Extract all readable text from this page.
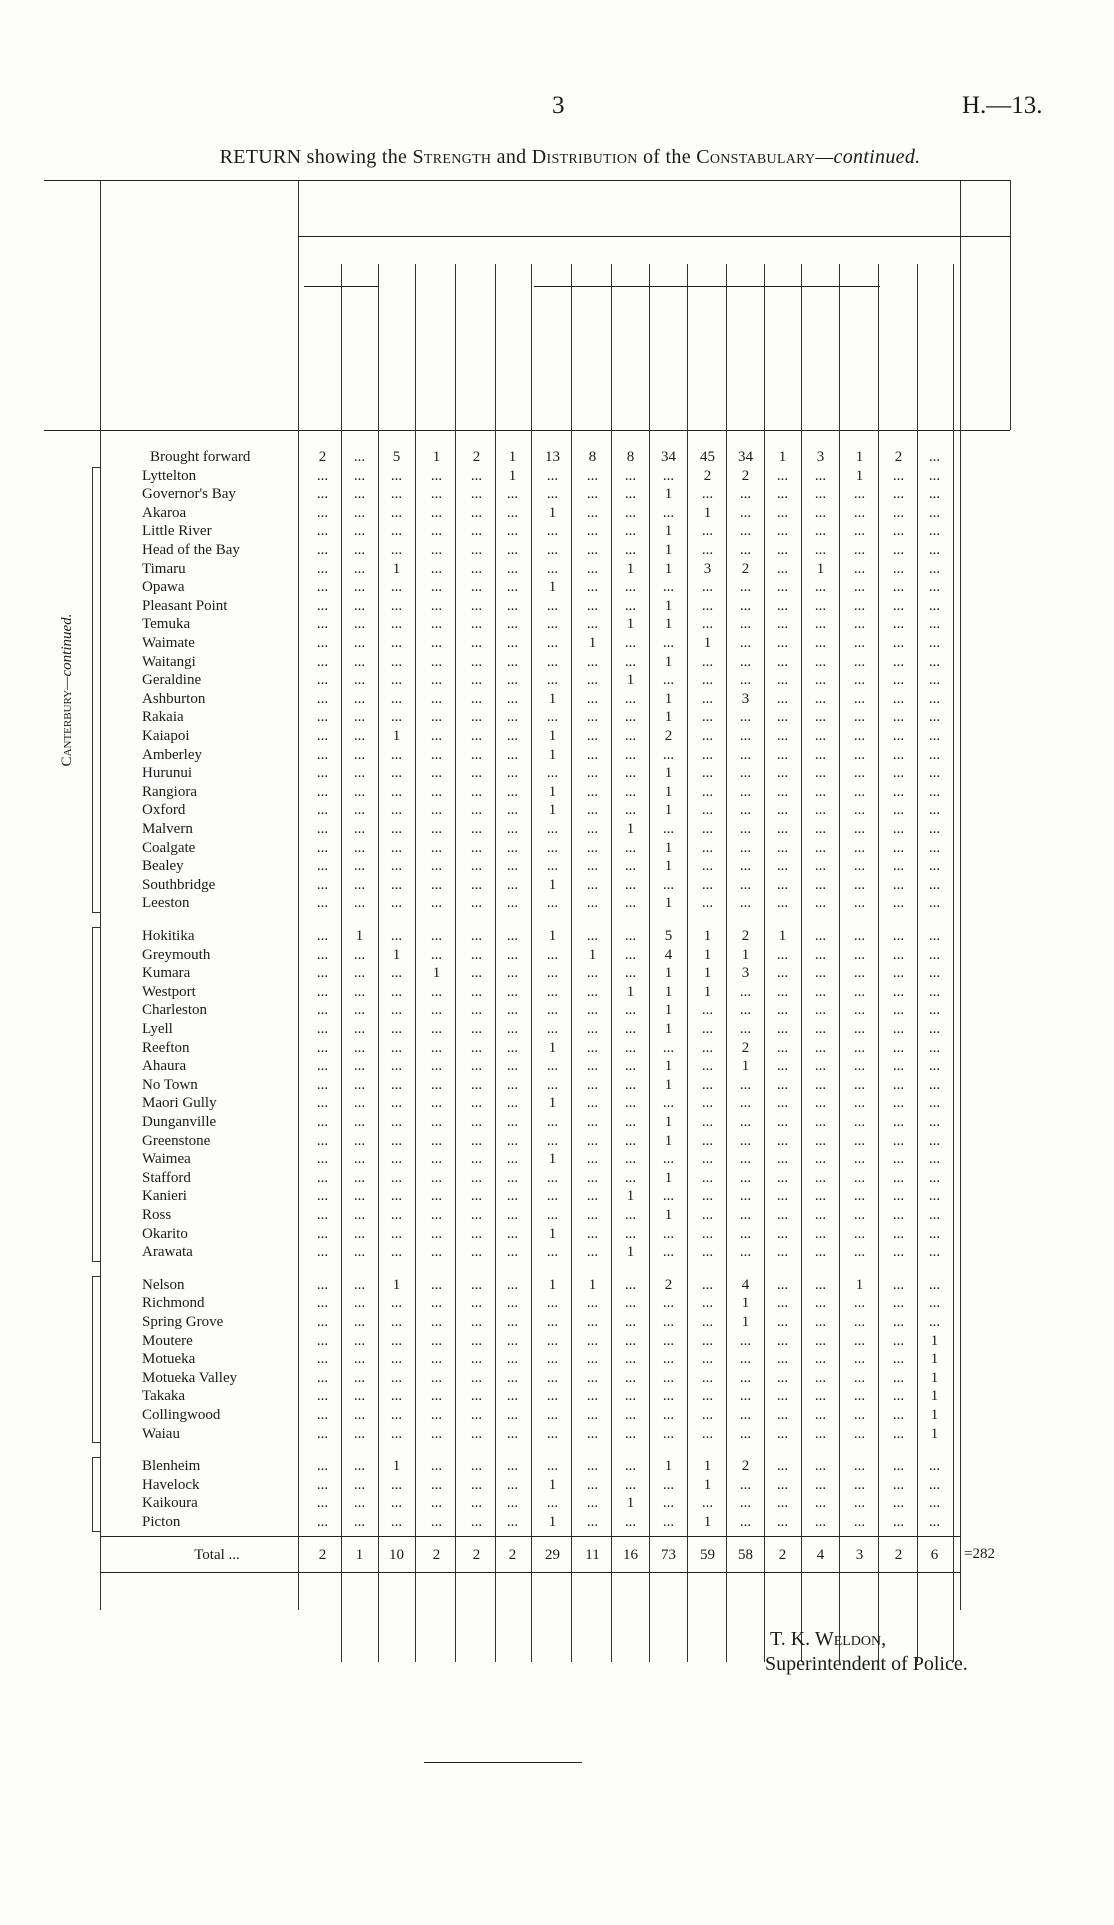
3	H.—13.
RETURN showing the Strength and Distribution of the Constabulary—continued.
Brought forward	2	...	5	1	2	1	13	8	8	34	45	34	1	3	1	2	...
Lyttelton	...	...	...	...	...	1	...	...	...	...	2	2	...	...	1	...	...
Governor's Bay	...	...	...	...	...	...	...	...	...	1	...	...	...	...	...	...	...
Akaroa	...	...	...	...	...	...	1	...	...	...	1	...	...	...	...	...	...
Little River	...	...	...	...	...	...	...	...	...	1	...	...	...	...	...	...	...
Head of the Bay	...	...	...	...	...	...	...	...	...	1	...	...	...	...	...	...	...
Timaru	...	...	1	...	...	...	...	...	1	1	3	2	...	1	...	...	...
Opawa	...	...	...	...	...	...	1	...	...	...	...	...	...	...	...	...	...
Pleasant Point	...	...	...	...	...	...	...	...	...	1	...	...	...	...	...	...	...
Temuka	...	...	...	...	...	...	...	...	1	1	...	...	...	...	...	...	...
Waimate	...	...	...	...	...	...	...	1	...	...	1	...	...	...	...	...	...
Waitangi	...	...	...	...	...	...	...	...	...	1	...	...	...	...	...	...	...
Geraldine	...	...	...	...	...	...	...	...	1	...	...	...	...	...	...	...	...
Ashburton	...	...	...	...	...	...	1	...	...	1	...	3	...	...	...	...	...
Rakaia	...	...	...	...	...	...	...	...	...	1	...	...	...	...	...	...	...
Kaiapoi	...	...	1	...	...	...	1	...	...	2	...	...	...	...	...	...	...
Amberley	...	...	...	...	...	...	1	...	...	...	...	...	...	...	...	...	...
Hurunui	...	...	...	...	...	...	...	...	...	1	...	...	...	...	...	...	...
Rangiora	...	...	...	...	...	...	1	...	...	1	...	...	...	...	...	...	...
Oxford	...	...	...	...	...	...	1	...	...	1	...	...	...	...	...	...	...
Malvern	...	...	...	...	...	...	...	...	1	...	...	...	...	...	...	...	...
Coalgate	...	...	...	...	...	...	...	...	...	1	...	...	...	...	...	...	...
Bealey	...	...	...	...	...	...	...	...	...	1	...	...	...	...	...	...	...
Southbridge	...	...	...	...	...	...	1	...	...	...	...	...	...	...	...	...	...
Leeston	...	...	...	...	...	...	...	...	...	1	...	...	...	...	...	...	...
Hokitika	...	1	...	...	...	...	1	...	...	5	1	2	1	...	...	...	...
Greymouth	...	...	1	...	...	...	...	1	...	4	1	1	...	...	...	...	...
Kumara	...	...	...	1	...	...	...	...	...	1	1	3	...	...	...	...	...
Westport	...	...	...	...	...	...	...	...	1	1	1	...	...	...	...	...	...
Charleston	...	...	...	...	...	...	...	...	...	1	...	...	...	...	...	...	...
Lyell	...	...	...	...	...	...	...	...	...	1	...	...	...	...	...	...	...
Reefton	...	...	...	...	...	...	1	...	...	...	...	2	...	...	...	...	...
Ahaura	...	...	...	...	...	...	...	...	...	1	...	1	...	...	...	...	...
No Town	...	...	...	...	...	...	...	...	...	1	...	...	...	...	...	...	...
Maori Gully	...	...	...	...	...	...	1	...	...	...	...	...	...	...	...	...	...
Dunganville	...	...	...	...	...	...	...	...	...	1	...	...	...	...	...	...	...
Greenstone	...	...	...	...	...	...	...	...	...	1	...	...	...	...	...	...	...
Waimea	...	...	...	...	...	...	1	...	...	...	...	...	...	...	...	...	...
Stafford	...	...	...	...	...	...	...	...	...	1	...	...	...	...	...	...	...
Kanieri	...	...	...	...	...	...	...	...	1	...	...	...	...	...	...	...	...
Ross	...	...	...	...	...	...	...	...	...	1	...	...	...	...	...	...	...
Okarito	...	...	...	...	...	...	1	...	...	...	...	...	...	...	...	...	...
Arawata	...	...	...	...	...	...	...	...	1	...	...	...	...	...	...	...	...
Nelson	...	...	1	...	...	...	1	1	...	2	...	4	...	...	1	...	...
Richmond	...	...	...	...	...	...	...	...	...	...	...	1	...	...	...	...	...
Spring Grove	...	...	...	...	...	...	...	...	...	...	...	1	...	...	...	...	...
Moutere	...	...	...	...	...	...	...	...	...	...	...	...	...	...	...	...	1
Motueka	...	...	...	...	...	...	...	...	...	...	...	...	...	...	...	...	1
Motueka Valley	...	...	...	...	...	...	...	...	...	...	...	...	...	...	...	...	1
Takaka	...	...	...	...	...	...	...	...	...	...	...	...	...	...	...	...	1
Collingwood	...	...	...	...	...	...	...	...	...	...	...	...	...	...	...	...	1
Waiau	...	...	...	...	...	...	...	...	...	...	...	...	...	...	...	...	1
Blenheim	...	...	1	...	...	...	...	...	...	1	1	2	...	...	...	...	...
Havelock	...	...	...	...	...	...	1	...	...	...	1	...	...	...	...	...	...
Kaikoura	...	...	...	...	...	...	...	...	1	...	...	...	...	...	...	...	...
Picton	...	...	...	...	...	...	1	...	...	...	1	...	...	...	...	...	...
Canterbury—continued.
Total ...	2	1	10	2	2	2	29	11	16	73	59	58	2	4	3	2	6	=282
T. K. Weldon,
Superintendent of Police.
